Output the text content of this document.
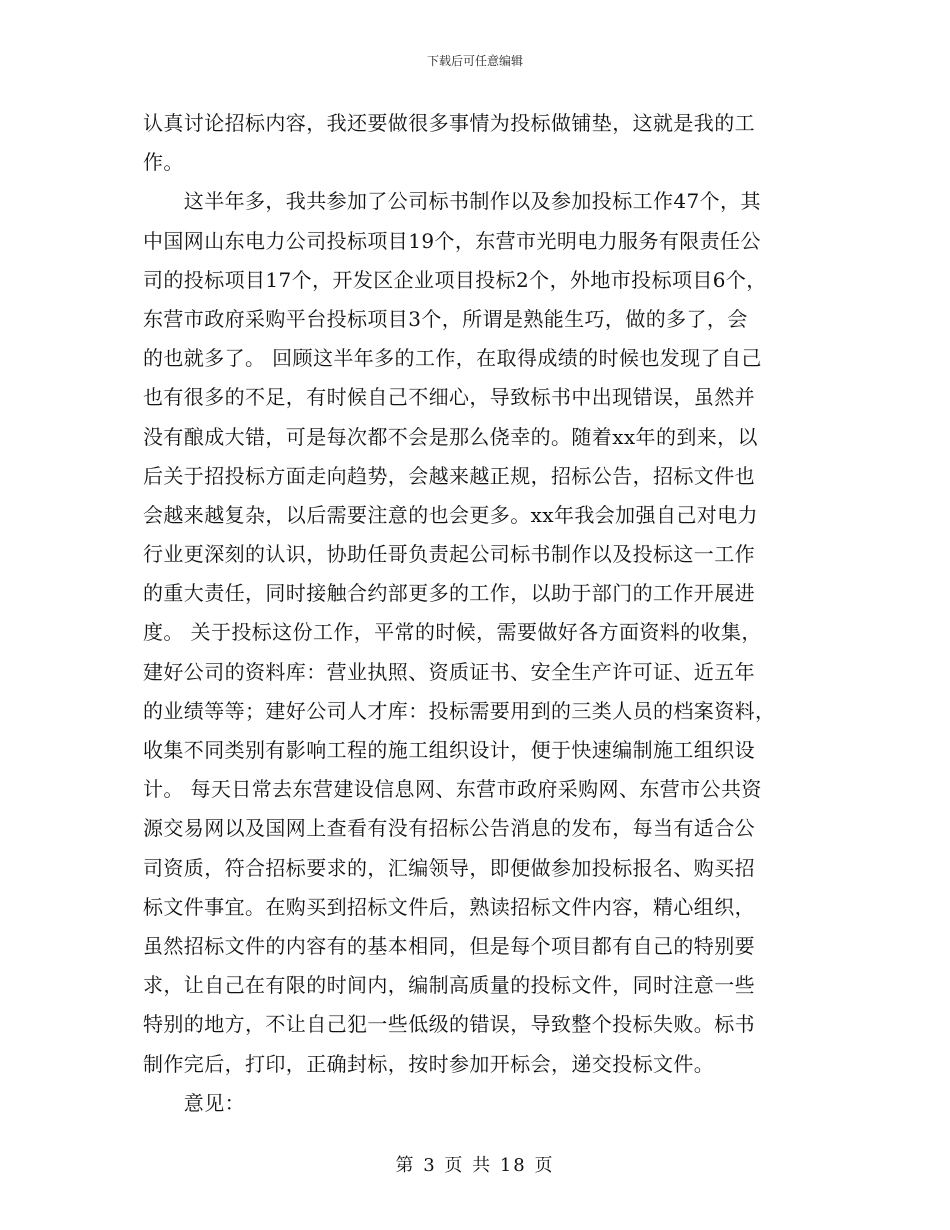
下载后可任意编辑
认真讨论招标内容，我还要做很多事情为投标做铺垫，这就是我的工
作。
　　这半年多，我共参加了公司标书制作以及参加投标工作47个，其
中国网山东电力公司投标项目19个，东营市光明电力服务有限责任公
司的投标项目17个，开发区企业项目投标2个，外地市投标项目6个，
东营市政府采购平台投标项目3个，所谓是熟能生巧，做的多了，会
的也就多了。 回顾这半年多的工作，在取得成绩的时候也发现了自己
也有很多的不足，有时候自己不细心，导致标书中出现错误，虽然并
没有酿成大错，可是每次都不会是那么侥幸的。随着xx年的到来，以
后关于招投标方面走向趋势，会越来越正规，招标公告，招标文件也
会越来越复杂，以后需要注意的也会更多。xx年我会加强自己对电力
行业更深刻的认识，协助任哥负责起公司标书制作以及投标这一工作
的重大责任，同时接触合约部更多的工作，以助于部门的工作开展进
度。 关于投标这份工作，平常的时候，需要做好各方面资料的收集，
建好公司的资料库：营业执照、资质证书、安全生产许可证、近五年
的业绩等等；建好公司人才库：投标需要用到的三类人员的档案资料，
收集不同类别有影响工程的施工组织设计，便于快速编制施工组织设
计。 每天日常去东营建设信息网、东营市政府采购网、东营市公共资
源交易网以及国网上查看有没有招标公告消息的发布，每当有适合公
司资质，符合招标要求的，汇编领导，即便做参加投标报名、购买招
标文件事宜。在购买到招标文件后，熟读招标文件内容，精心组织，
虽然招标文件的内容有的基本相同，但是每个项目都有自己的特别要
求，让自己在有限的时间内，编制高质量的投标文件，同时注意一些
特别的地方，不让自己犯一些低级的错误，导致整个投标失败。标书
制作完后，打印，正确封标，按时参加开标会，递交投标文件。
　　意见：
第 3 页 共 18 页
